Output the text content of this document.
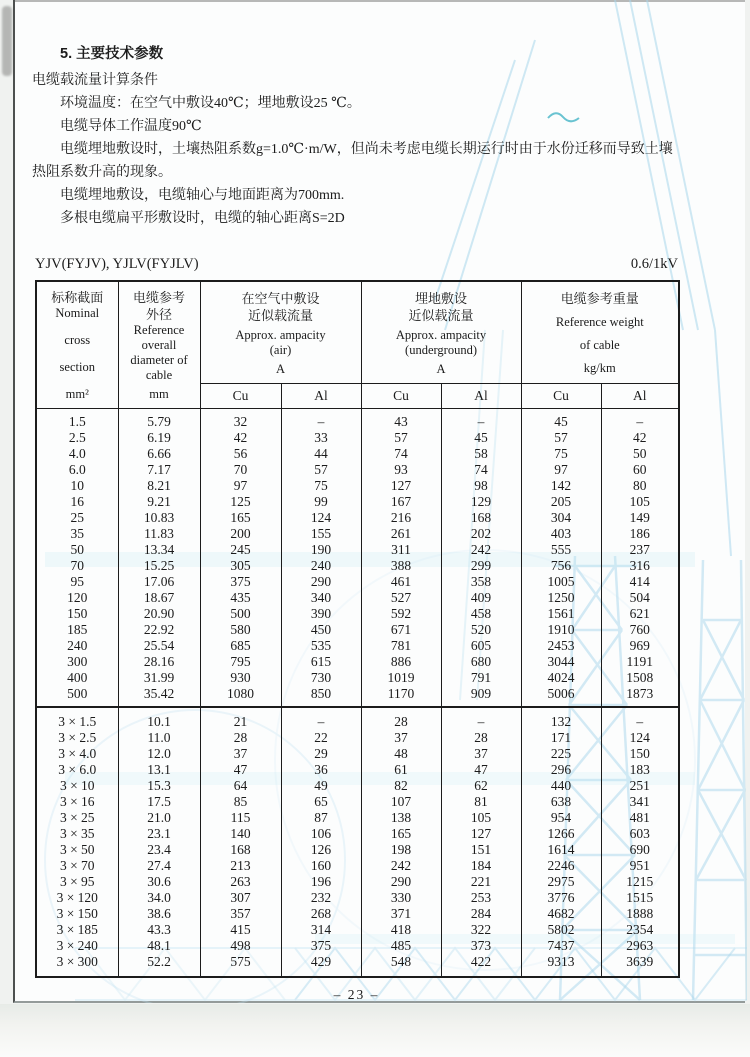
5. 主要技术参数

电缆载流量计算条件

环境温度：在空气中敷设40℃；埋地敷设25 ℃。

电缆导体工作温度90℃

电缆埋地敷设时，土壤热阻系数g=1.0℃·m/W，但尚未考虑电缆长期运行时由于水份迁移而导致土壤热阻系数升高的现象。

电缆埋地敷设，电缆轴心与地面距离为700mm.

多根电缆扁平形敷设时，电缆的轴心距离S=2D

YJV(FYJV), YJLV(FYJLV)	0.6/1kV
标称截面
Nominal
cross
section
mm²

电缆参考外径
Reference overall diameter of cable
mm

在空气中敷设
近似载流量
Approx. ampacity
(air)
A

埋地敷设
近似载流量
Approx. ampacity
(underground)
A

电缆参考重量
Reference weight
of cable
kg/km

		Cu	Al	Cu	Al	Cu	Al
1.5	5.79	32	–	43	–	45	–
2.5	6.19	42	33	57	45	57	42
4.0	6.66	56	44	74	58	75	50
6.0	7.17	70	57	93	74	97	60
10	8.21	97	75	127	98	142	80
16	9.21	125	99	167	129	205	105
25	10.83	165	124	216	168	304	149
35	11.83	200	155	261	202	403	186
50	13.34	245	190	311	242	555	237
70	15.25	305	240	388	299	756	316
95	17.06	375	290	461	358	1005	414
120	18.67	435	340	527	409	1250	504
150	20.90	500	390	592	458	1561	621
185	22.92	580	450	671	520	1910	760
240	25.54	685	535	781	605	2453	969
300	28.16	795	615	886	680	3044	1191
400	31.99	930	730	1019	791	4024	1508
500	35.42	1080	850	1170	909	5006	1873
3 × 1.5	10.1	21	–	28	–	132	–
3 × 2.5	11.0	28	22	37	28	171	124
3 × 4.0	12.0	37	29	48	37	225	150
3 × 6.0	13.1	47	36	61	47	296	183
3 × 10	15.3	64	49	82	62	440	251
3 × 16	17.5	85	65	107	81	638	341
3 × 25	21.0	115	87	138	105	954	481
3 × 35	23.1	140	106	165	127	1266	603
3 × 50	23.4	168	126	198	151	1614	690
3 × 70	27.4	213	160	242	184	2246	951
3 × 95	30.6	263	196	290	221	2975	1215
3 × 120	34.0	307	232	330	253	3776	1515
3 × 150	38.6	357	268	371	284	4682	1888
3 × 185	43.3	415	314	418	322	5802	2354
3 × 240	48.1	498	375	485	373	7437	2963
3 × 300	52.2	575	429	548	422	9313	3639
– 23 –
